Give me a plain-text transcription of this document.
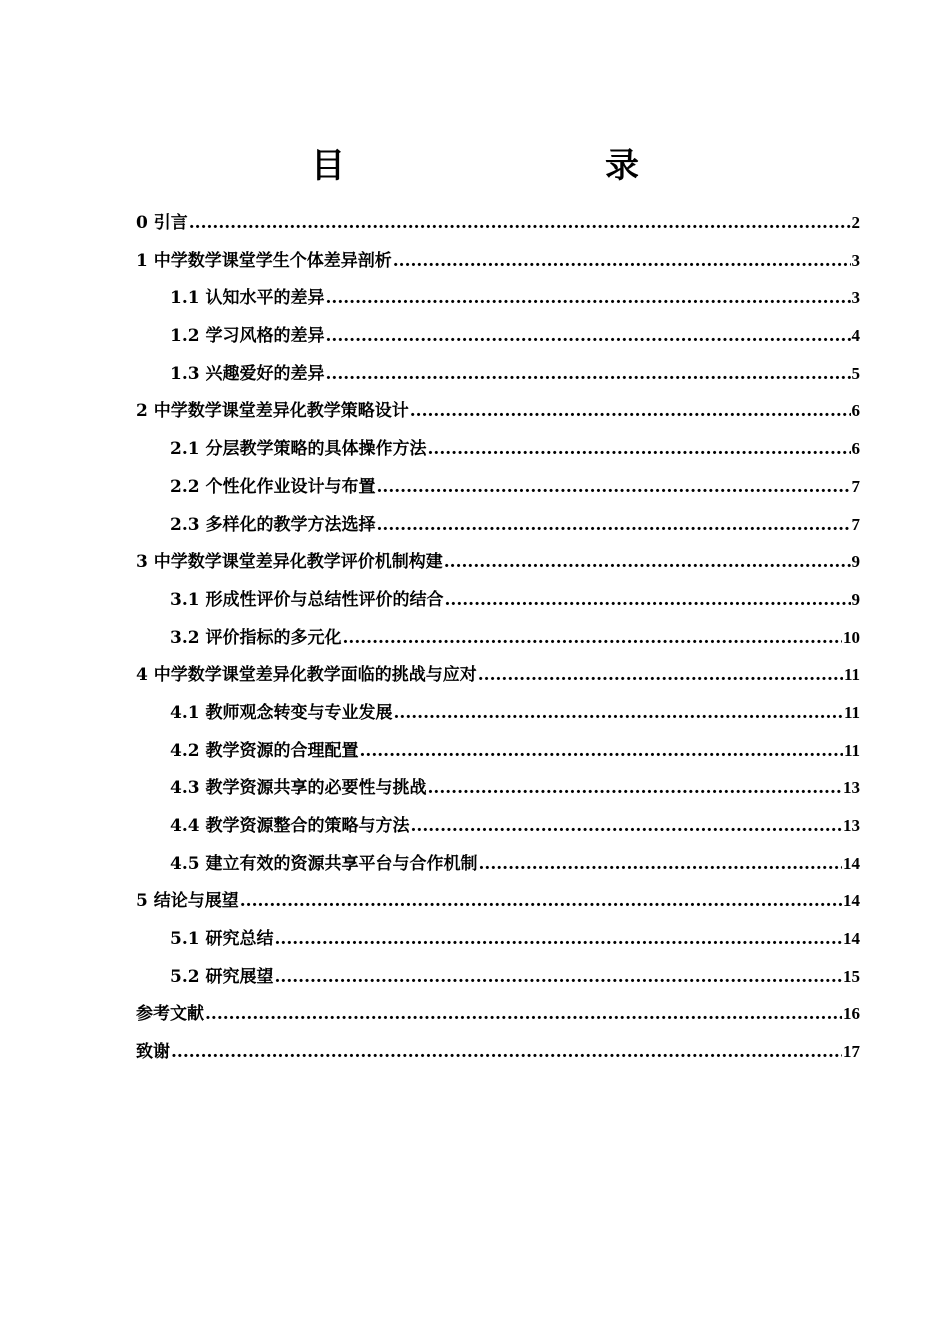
目　　录
0 引言 .....	2
1 中学数学课堂学生个体差异剖析 .....	3
1.1 认知水平的差异 .....	3
1.2 学习风格的差异 .....	4
1.3 兴趣爱好的差异 .....	5
2 中学数学课堂差异化教学策略设计 .....	6
2.1 分层教学策略的具体操作方法 .....	6
2.2 个性化作业设计与布置 .....	7
2.3 多样化的教学方法选择 .....	7
3 中学数学课堂差异化教学评价机制构建 .....	9
3.1 形成性评价与总结性评价的结合 .....	9
3.2 评价指标的多元化 .....	10
4 中学数学课堂差异化教学面临的挑战与应对 .....	11
4.1 教师观念转变与专业发展 .....	11
4.2 教学资源的合理配置 .....	11
4.3 教学资源共享的必要性与挑战 .....	13
4.4 教学资源整合的策略与方法 .....	13
4.5 建立有效的资源共享平台与合作机制 .....	14
5 结论与展望 .....	14
5.1 研究总结 .....	14
5.2 研究展望 .....	15
参考文献 .....	16
致谢 .....	17
